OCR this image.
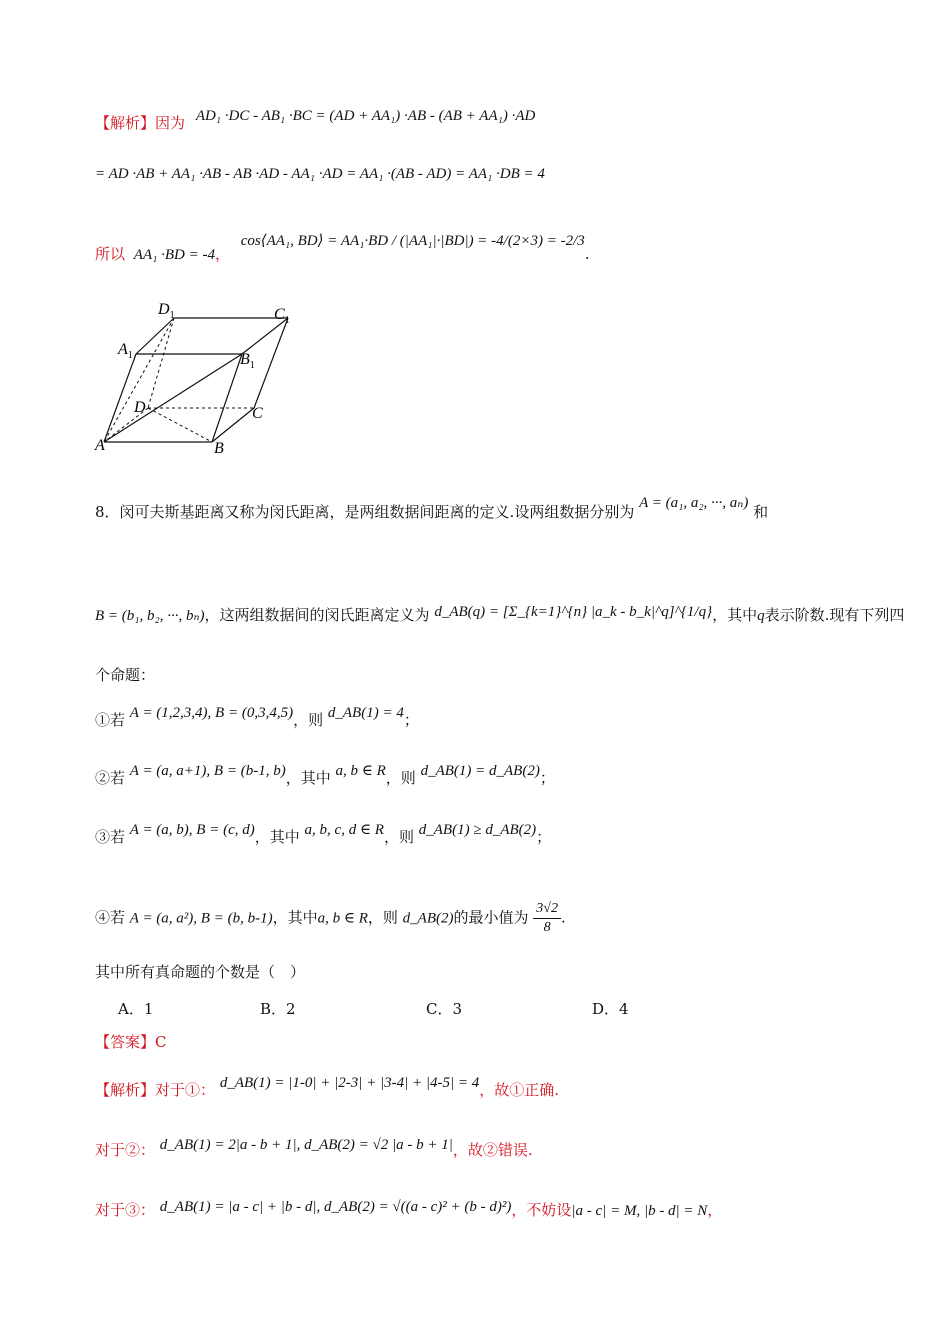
【解析】因为 AD₁ ·DC - AB₁ ·BC = (AD + AA₁) ·AB - (AB + AA₁) ·AD
= AD ·AB + AA₁ ·AB - AB ·AD - AA₁ ·AD = AA₁ ·(AB - AD) = AA₁ ·DB = 4
所以 AA₁ ·BD = -4， cos⟨AA₁, BD⟩ = AA₁·BD / (|AA₁|·|BD|) = -4/(2×3) = -2/3.
$D_1$	$C_1$
$A_1$	$B_1$
D	C
A	B
8．闵可夫斯基距离又称为闵氏距离，是两组数据间距离的定义.设两组数据分别为 A = (a₁, a₂, ···, aₙ) 和
B = (b₁, b₂, ···, bₙ)，这两组数据间的闵氏距离定义为 d_AB(q) = [Σ_{k=1}^{n} |a_k - b_k|^q]^{1/q}，其中q表示阶数.现有下列四
个命题：
①若 A = (1,2,3,4), B = (0,3,4,5)，则 d_AB(1) = 4；
②若 A = (a, a+1), B = (b-1, b)，其中 a, b ∈ R，则 d_AB(1) = d_AB(2)；
③若 A = (a, b), B = (c, d)，其中 a, b, c, d ∈ R，则 d_AB(1) ≥ d_AB(2)；
④若 A = (a, a²), B = (b, b-1)，其中a, b ∈ R，则 d_AB(2)的最小值为 $\frac{3√2}{8}$ .
其中所有真命题的个数是（　）
A．1	B．2	C．3	D．4
【答案】C
【解析】对于①： d_AB(1) = |1-0| + |2-3| + |3-4| + |4-5| = 4，故①正确.
对于②： d_AB(1) = 2|a - b + 1|, d_AB(2) = √2 |a - b + 1|，故②错误.
对于③： d_AB(1) = |a - c| + |b - d|, d_AB(2) = √((a - c)² + (b - d)²)，不妨设|a - c| = M, |b - d| = N，
